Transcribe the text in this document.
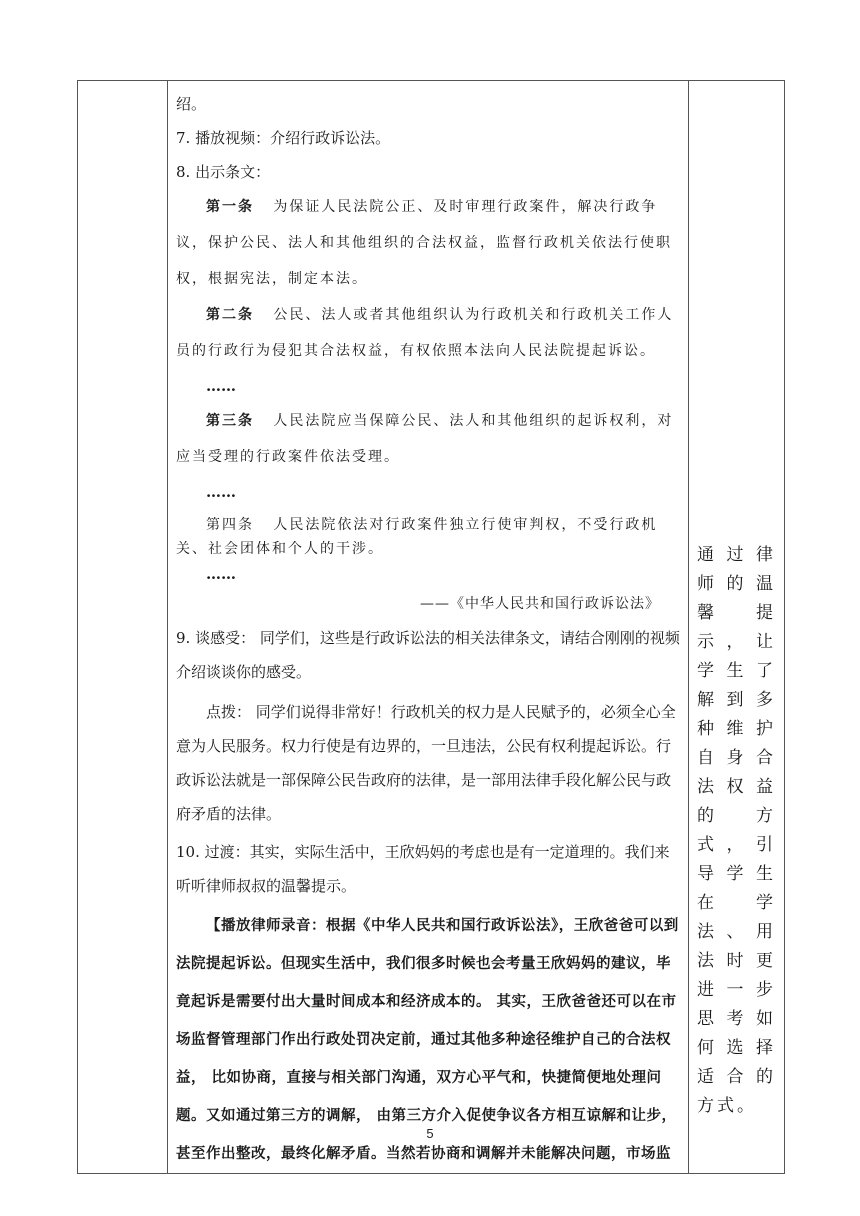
绍。

7. 播放视频：介绍行政诉讼法。

8. 出示条文：

第一条 为保证人民法院公正、及时审理行政案件，解决行政争议，保护公民、法人和其他组织的合法权益，监督行政机关依法行使职权，根据宪法，制定本法。

第二条 公民、法人或者其他组织认为行政机关和行政机关工作人员的行政行为侵犯其合法权益，有权依照本法向人民法院提起诉讼。

……

第三条 人民法院应当保障公民、法人和其他组织的起诉权利，对应当受理的行政案件依法受理。

……

第四条 人民法院依法对行政案件独立行使审判权，不受行政机关、社会团体和个人的干涉。

……

——《中华人民共和国行政诉讼法》

9. 谈感受： 同学们，这些是行政诉讼法的相关法律条文，请结合刚刚的视频介绍谈谈你的感受。

点拨： 同学们说得非常好！行政机关的权力是人民赋予的，必须全心全意为人民服务。权力行使是有边界的，一旦违法，公民有权利提起诉讼。行政诉讼法就是一部保障公民告政府的法律，是一部用法律手段化解公民与政府矛盾的法律。

10. 过渡：其实，实际生活中，王欣妈妈的考虑也是有一定道理的。我们来听听律师叔叔的温馨提示。

【播放律师录音：根据《中华人民共和国行政诉讼法》，王欣爸爸可以到法院提起诉讼。但现实生活中，我们很多时候也会考量王欣妈妈的建议，毕竟起诉是需要付出大量时间成本和经济成本的。 其实，王欣爸爸还可以在市场监督管理部门作出行政处罚决定前，通过其他多种途径维护自己的合法权益， 比如协商，直接与相关部门沟通，双方心平气和，快捷简便地处理问题。又如通过第三方的调解， 由第三方介入促使争议各方相互谅解和让步，甚至作出整改，最终化解矛盾。当然若协商和调解并未能解决问题，市场监

通过律师的温馨提示，让学生了解到多种维护自身合法权益的方式，引导学生在学法、用法时更进一步思考如何选择适合的方式。
5
